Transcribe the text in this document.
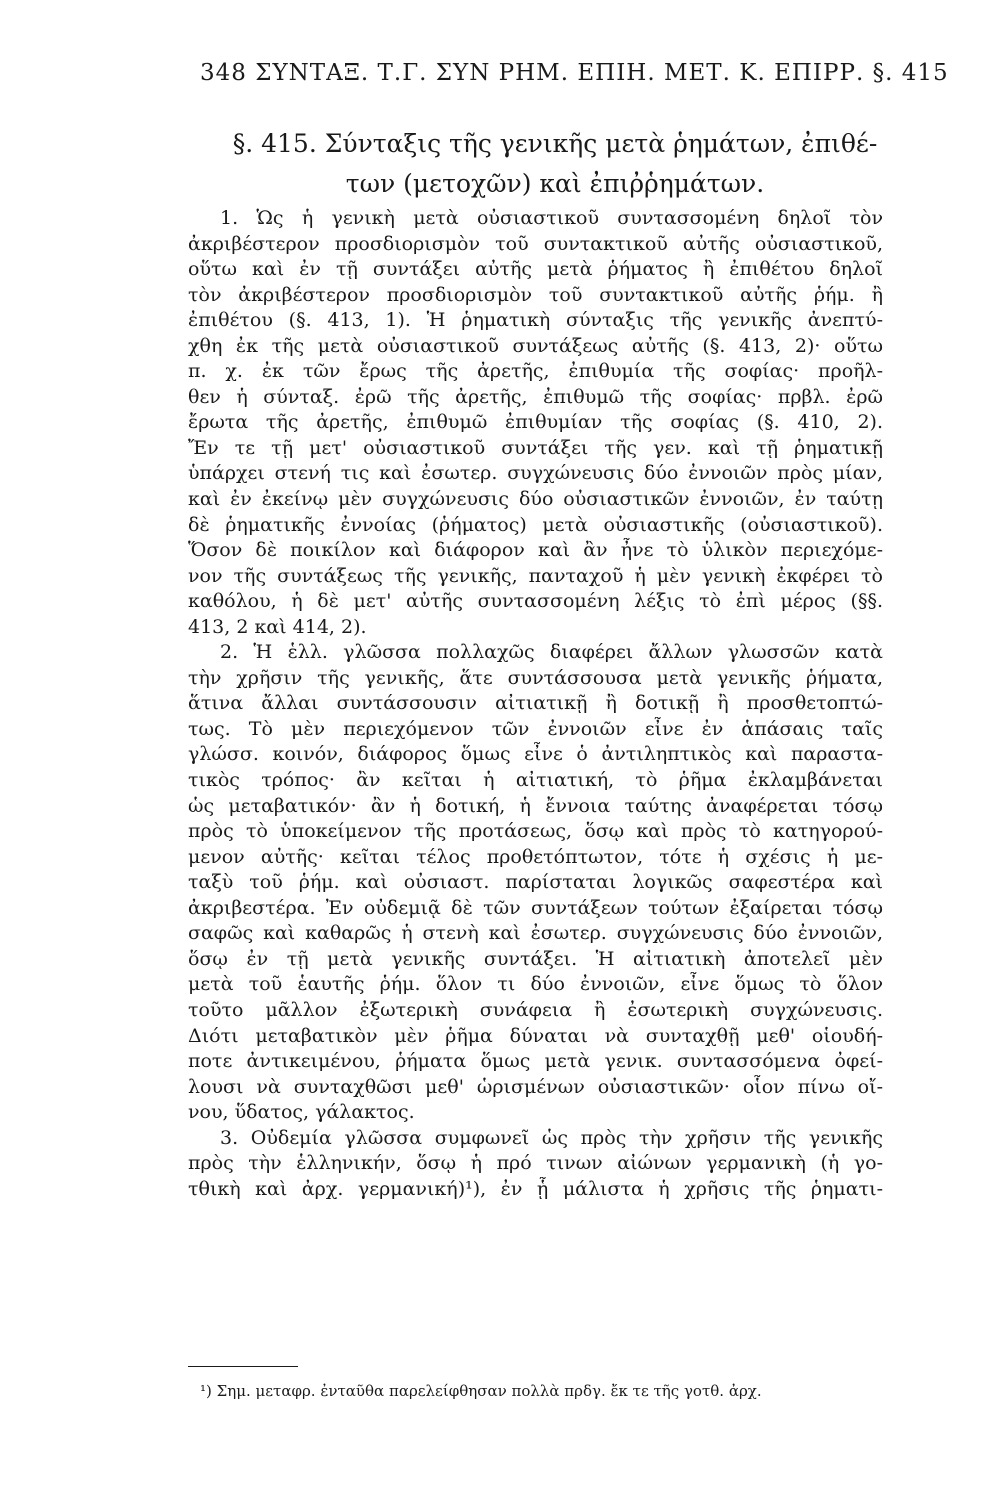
348 ΣΥΝΤΑΞ. Τ.Γ. ΣΥΝ ΡΗΜ. ΕΠΙΗ. ΜΕΤ. Κ. ΕΠΙΡΡ. §. 415
§. 415. Σύνταξις τῆς γενικῆς μετὰ ῥημάτων, ἐπιθέ-
των (μετοχῶν) καὶ ἐπιῤῥημάτων.
1. Ὡς ἡ γενικὴ μετὰ οὐσιαστικοῦ συντασσομένη δηλοῖ τὸν
ἀκριβέστερον προσδιορισμὸν τοῦ συντακτικοῦ αὐτῆς οὐσιαστικοῦ,
οὕτω καὶ ἐν τῇ συντάξει αὐτῆς μετὰ ῥήματος ἢ ἐπιθέτου δηλοῖ
τὸν ἀκριβέστερον προσδιορισμὸν τοῦ συντακτικοῦ αὐτῆς ῥήμ. ἢ
ἐπιθέτου (§. 413, 1). Ἡ ῥηματικὴ σύνταξις τῆς γενικῆς ἀνεπτύ-
χθη ἐκ τῆς μετὰ οὐσιαστικοῦ συντάξεως αὐτῆς (§. 413, 2)· οὕτω
π. χ. ἐκ τῶν ἔρως τῆς ἀρετῆς, ἐπιθυμία τῆς σοφίας· προῆλ-
θεν ἡ σύνταξ. ἐρῶ τῆς ἀρετῆς, ἐπιθυμῶ τῆς σοφίας· πρβλ. ἐρῶ
ἔρωτα τῆς ἀρετῆς, ἐπιθυμῶ ἐπιθυμίαν τῆς σοφίας (§. 410, 2).
Ἔν τε τῇ μετ' οὐσιαστικοῦ συντάξει τῆς γεν. καὶ τῇ ῥηματικῇ
ὑπάρχει στενή τις καὶ ἐσωτερ. συγχώνευσις δύο ἐννοιῶν πρὸς μίαν,
καὶ ἐν ἐκείνῳ μὲν συγχώνευσις δύο οὐσιαστικῶν ἐννοιῶν, ἐν ταύτῃ
δὲ ῥηματικῆς ἐννοίας (ῥήματος) μετὰ οὐσιαστικῆς (οὐσιαστικοῦ).
Ὅσον δὲ ποικίλον καὶ διάφορον καὶ ἂν ἦνε τὸ ὑλικὸν περιεχόμε-
νον τῆς συντάξεως τῆς γενικῆς, πανταχοῦ ἡ μὲν γενικὴ ἐκφέρει τὸ
καθόλου, ἡ δὲ μετ' αὐτῆς συντασσομένη λέξις τὸ ἐπὶ μέρος (§§.
413, 2 καὶ 414, 2).
2. Ἡ ἑλλ. γλῶσσα πολλαχῶς διαφέρει ἄλλων γλωσσῶν κατὰ
τὴν χρῆσιν τῆς γενικῆς, ἅτε συντάσσουσα μετὰ γενικῆς ῥήματα,
ἅτινα ἄλλαι συντάσσουσιν αἰτιατικῇ ἢ δοτικῇ ἢ προσθετοπτώ-
τως. Τὸ μὲν περιεχόμενον τῶν ἐννοιῶν εἶνε ἐν ἁπάσαις ταῖς
γλώσσ. κοινόν, διάφορος ὅμως εἶνε ὁ ἀντιληπτικὸς καὶ παραστα-
τικὸς τρόπος· ἂν κεῖται ἡ αἰτιατική, τὸ ῥῆμα ἐκλαμβάνεται
ὡς μεταβατικόν· ἂν ἡ δοτική, ἡ ἔννοια ταύτης ἀναφέρεται τόσῳ
πρὸς τὸ ὑποκείμενον τῆς προτάσεως, ὅσῳ καὶ πρὸς τὸ κατηγορού-
μενον αὐτῆς· κεῖται τέλος προθετόπτωτον, τότε ἡ σχέσις ἡ με-
ταξὺ τοῦ ῥήμ. καὶ οὐσιαστ. παρίσταται λογικῶς σαφεστέρα καὶ
ἀκριβεστέρα. Ἐν οὐδεμιᾷ δὲ τῶν συντάξεων τούτων ἐξαίρεται τόσῳ
σαφῶς καὶ καθαρῶς ἡ στενὴ καὶ ἐσωτερ. συγχώνευσις δύο ἐννοιῶν,
ὅσῳ ἐν τῇ μετὰ γενικῆς συντάξει. Ἡ αἰτιατικὴ ἀποτελεῖ μὲν
μετὰ τοῦ ἑαυτῆς ῥήμ. ὅλον τι δύο ἐννοιῶν, εἶνε ὅμως τὸ ὅλον
τοῦτο μᾶλλον ἐξωτερικὴ συνάφεια ἢ ἐσωτερικὴ συγχώνευσις.
Διότι μεταβατικὸν μὲν ῥῆμα δύναται νὰ συνταχθῇ μεθ' οἱουδή-
ποτε ἀντικειμένου, ῥήματα ὅμως μετὰ γενικ. συντασσόμενα ὀφεί-
λουσι νὰ συνταχθῶσι μεθ' ὡρισμένων οὐσιαστικῶν· οἷον πίνω οἴ-
νου, ὕδατος, γάλακτος.
3. Οὐδεμία γλῶσσα συμφωνεῖ ὡς πρὸς τὴν χρῆσιν τῆς γενικῆς
πρὸς τὴν ἑλληνικήν, ὅσῳ ἡ πρό τινων αἰώνων γερμανικὴ (ἡ γο-
τθικὴ καὶ ἀρχ. γερμανική)¹), ἐν ᾗ μάλιστα ἡ χρῆσις τῆς ῥηματι-
¹) Σημ. μεταφρ. ἐνταῦθα παρελείφθησαν πολλὰ πρδγ. ἔκ τε τῆς γοτθ. ἀρχ.
